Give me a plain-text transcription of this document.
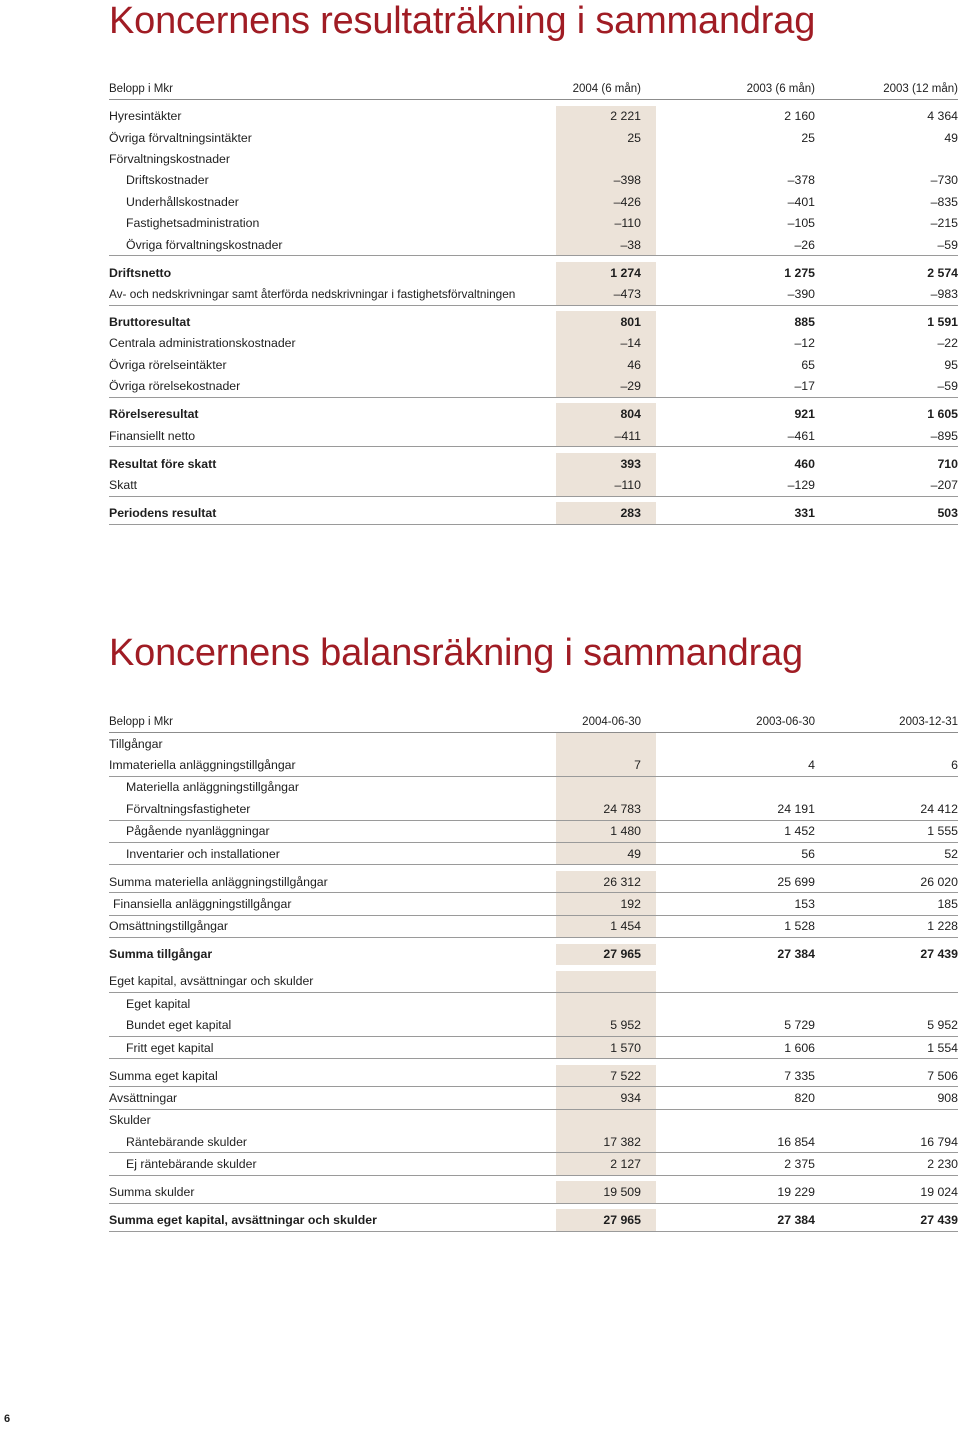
Koncernens resultaträkning i sammandrag
Belopp i Mkr	2004 (6 mån)		2003 (6 mån)	2003 (12 mån)

Hyresintäkter	2 221		2 160	4 364
Övriga förvaltningsintäkter	25		25	49
Förvaltningskostnader				
Driftskostnader	–398		–378	–730
Underhållskostnader	–426		–401	–835
Fastighetsadministration	–110		–105	–215
Övriga förvaltningskostnader	–38		–26	–59

Driftsnetto	1 274		1 275	2 574
Av- och nedskrivningar samt återförda nedskrivningar i fastighetsförvaltningen	–473		–390	–983

Bruttoresultat	801		885	1 591
Centrala administrationskostnader	–14		–12	–22
Övriga rörelseintäkter	46		65	95
Övriga rörelsekostnader	–29		–17	–59

Rörelseresultat	804		921	1 605
Finansiellt netto	–411		–461	–895

Resultat före skatt	393		460	710
Skatt	–110		–129	–207

Periodens resultat	283		331	503
Koncernens balansräkning i sammandrag
Belopp i Mkr	2004-06-30		2003-06-30	2003-12-31
Tillgångar				
Immateriella anläggningstillgångar	7		4	6
Materiella anläggningstillgångar				
Förvaltningsfastigheter	24 783		24 191	24 412
Pågående nyanläggningar	1 480		1 452	1 555
Inventarier och installationer	49		56	52

Summa materiella anläggningstillgångar	26 312		25 699	26 020
Finansiella anläggningstillgångar	192		153	185
Omsättningstillgångar	1 454		1 528	1 228

Summa tillgångar	27 965		27 384	27 439

Eget kapital, avsättningar och skulder				
Eget kapital				
Bundet eget kapital	5 952		5 729	5 952
Fritt eget kapital	1 570		1 606	1 554

Summa eget kapital	7 522		7 335	7 506
Avsättningar	934		820	908
Skulder				
Räntebärande skulder	17 382		16 854	16 794
Ej räntebärande skulder	2 127		2 375	2 230

Summa skulder	19 509		19 229	19 024

Summa eget kapital, avsättningar och skulder	27 965		27 384	27 439
6
